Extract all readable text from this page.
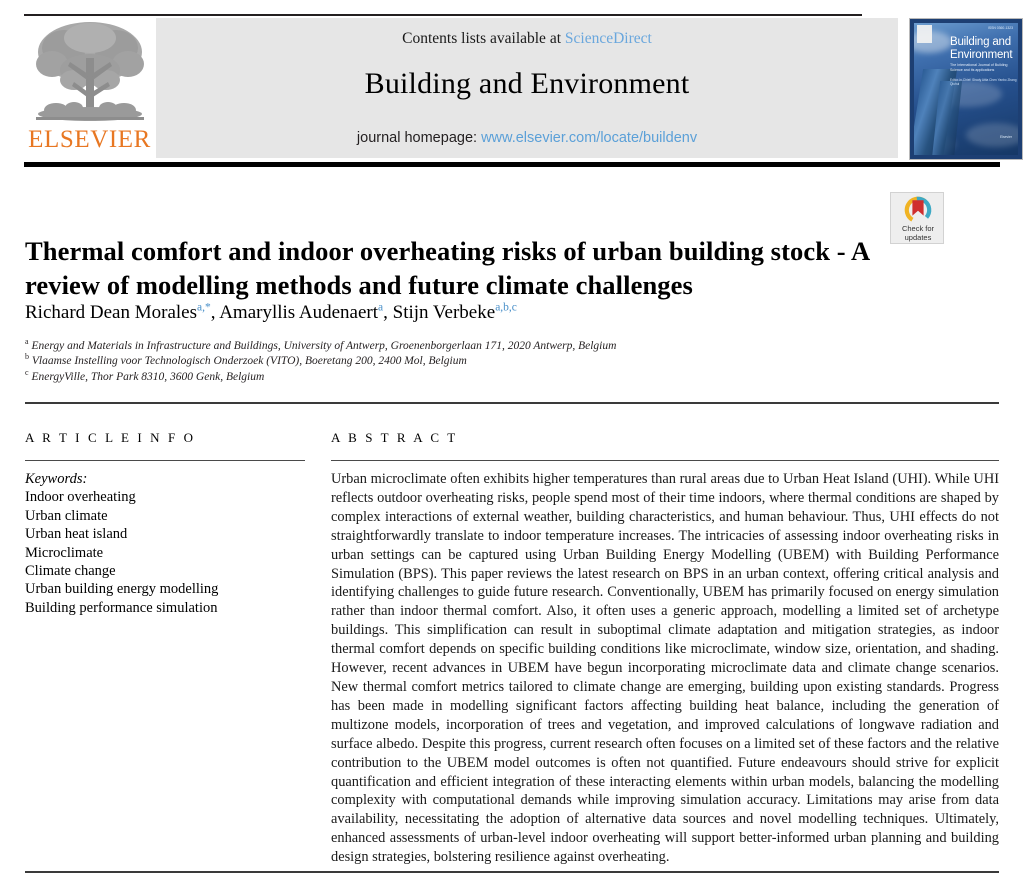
ELSEVIER
Contents lists available at ScienceDirect
Building and Environment
journal homepage: www.elsevier.com/locate/buildenv
ISSN 0360-1323
Building and
Environment
The International Journal of Building Science and its applications
Editor-in-Chief: Shady Attia Chen Yanbo Zhang Qiuhui
Elsevier
Check for
updates
Thermal comfort and indoor overheating risks of urban building stock - A review of modelling methods and future climate challenges
Richard Dean Morales$^{a,*}$, Amaryllis Audenaert$^a$, Stijn Verbeke$^{a,b,c}$
$^a$ Energy and Materials in Infrastructure and Buildings, University of Antwerp, Groenenborgerlaan 171, 2020 Antwerp, Belgium
$^b$ Vlaamse Instelling voor Technologisch Onderzoek (VITO), Boeretang 200, 2400 Mol, Belgium
$^c$ EnergyVille, Thor Park 8310, 3600 Genk, Belgium
A R T I C L E I N F O
Keywords:
Indoor overheating
Urban climate
Urban heat island
Microclimate
Climate change
Urban building energy modelling
Building performance simulation
A B S T R A C T
Urban microclimate often exhibits higher temperatures than rural areas due to Urban Heat Island (UHI). While UHI reflects outdoor overheating risks, people spend most of their time indoors, where thermal conditions are shaped by complex interactions of external weather, building characteristics, and human behaviour. Thus, UHI effects do not straightforwardly translate to indoor temperature increases. The intricacies of assessing indoor overheating risks in urban settings can be captured using Urban Building Energy Modelling (UBEM) with Building Performance Simulation (BPS). This paper reviews the latest research on BPS in an urban context, offering critical analysis and identifying challenges to guide future research. Conventionally, UBEM has primarily focused on energy simulation rather than indoor thermal comfort. Also, it often uses a generic approach, modelling a limited set of archetype buildings. This simplification can result in suboptimal climate adaptation and mitigation strategies, as indoor thermal comfort depends on specific building conditions like microclimate, window size, orientation, and shading. However, recent advances in UBEM have begun incorporating microclimate data and climate change scenarios. New thermal comfort metrics tailored to climate change are emerging, building upon existing standards. Progress has been made in modelling significant factors affecting building heat balance, including the generation of multizone models, incorporation of trees and vegetation, and improved calculations of longwave radiation and surface albedo. Despite this progress, current research often focuses on a limited set of these factors and the relative contribution to the UBEM model outcomes is often not quantified. Future endeavours should strive for explicit quantification and efficient integration of these interacting elements within urban models, balancing the modelling complexity with computational demands while improving simulation accuracy. Limitations may arise from data availability, necessitating the adoption of alternative data sources and novel modelling techniques. Ultimately, enhanced assessments of urban-level indoor overheating will support better-informed urban planning and building design strategies, bolstering resilience against overheating.
